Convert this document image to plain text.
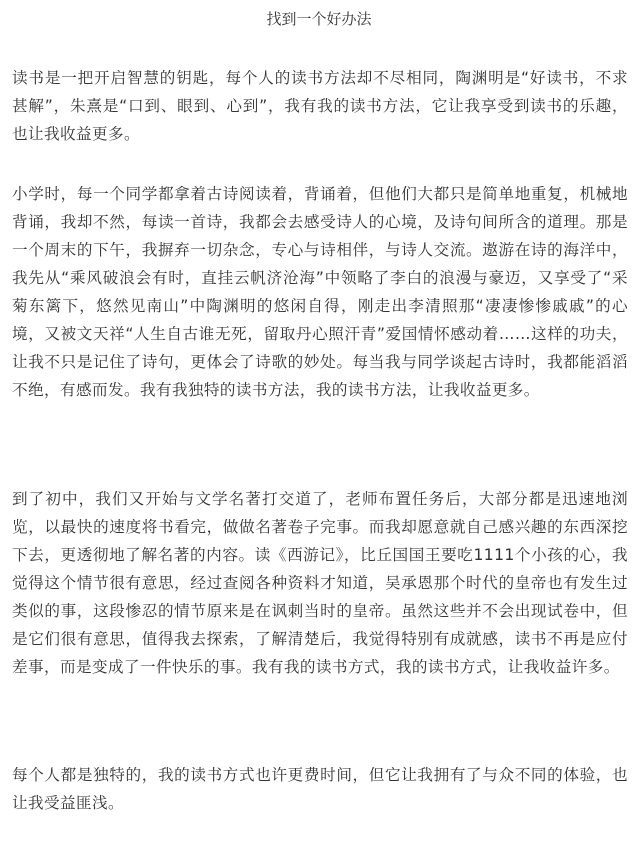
找到一个好办法

读书是一把开启智慧的钥匙，每个人的读书方法却不尽相同，陶渊明是“好读书，不求甚解”，朱熹是“口到、眼到、心到”，我有我的读书方法，它让我享受到读书的乐趣，也让我收益更多。

小学时，每一个同学都拿着古诗阅读着，背诵着，但他们大都只是简单地重复，机械地背诵，我却不然，每读一首诗，我都会去感受诗人的心境，及诗句间所含的道理。那是一个周末的下午，我摒弃一切杂念，专心与诗相伴，与诗人交流。遨游在诗的海洋中，我先从“乘风破浪会有时，直挂云帆济沧海”中领略了李白的浪漫与豪迈，又享受了“采菊东篱下，悠然见南山”中陶渊明的悠闲自得，刚走出李清照那“凄凄惨惨戚戚”的心境，又被文天祥“人生自古谁无死，留取丹心照汗青”爱国情怀感动着……这样的功夫，让我不只是记住了诗句，更体会了诗歌的妙处。每当我与同学谈起古诗时，我都能滔滔不绝，有感而发。我有我独特的读书方法，我的读书方法，让我收益更多。

到了初中，我们又开始与文学名著打交道了，老师布置任务后，大部分都是迅速地浏览，以最快的速度将书看完，做做名著卷子完事。而我却愿意就自己感兴趣的东西深挖下去，更透彻地了解名著的内容。读《西游记》，比丘国国王要吃1111个小孩的心，我觉得这个情节很有意思，经过查阅各种资料才知道，吴承恩那个时代的皇帝也有发生过类似的事，这段惨忍的情节原来是在讽刺当时的皇帝。虽然这些并不会出现试卷中，但是它们很有意思，值得我去探索，了解清楚后，我觉得特别有成就感，读书不再是应付差事，而是变成了一件快乐的事。我有我的读书方式，我的读书方式，让我收益许多。

每个人都是独特的，我的读书方式也许更费时间，但它让我拥有了与众不同的体验，也让我受益匪浅。
